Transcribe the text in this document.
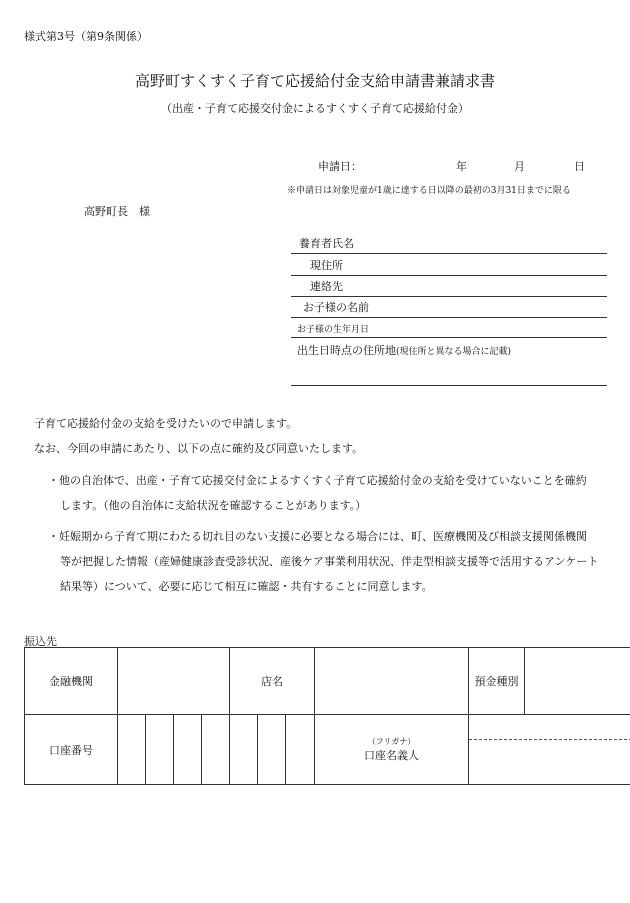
様式第3号（第9条関係）
高野町すくすく子育て応援給付金支給申請書兼請求書
（出産・子育て応援交付金によるすくすく子育て応援給付金）
申請日：	年	月	日
※申請日は対象児童が1歳に達する日以降の最初の3月31日までに限る
高野町長　様
養育者氏名
現住所
連絡先
お子様の名前
お子様の生年月日
出生日時点の住所地(現住所と異なる場合に記載)
子育て応援給付金の支給を受けたいので申請します。
なお、今回の申請にあたり、以下の点に確約及び同意いたします。
・他の自治体で、出産・子育て応援交付金によるすくすく子育て応援給付金の支給を受けていないことを確約
します。（他の自治体に支給状況を確認することがあります。）
・妊娠期から子育て期にわたる切れ目のない支援に必要となる場合には、町、医療機関及び相談支援関係機関
等が把握した情報（産婦健康診査受診状況、産後ケア事業利用状況、伴走型相談支援等で活用するアンケート
結果等）について、必要に応じて相互に確認・共有することに同意します。
振込先
金融機関					店名				預金種別	
口座番号								（フリガナ）
口座名義人		
